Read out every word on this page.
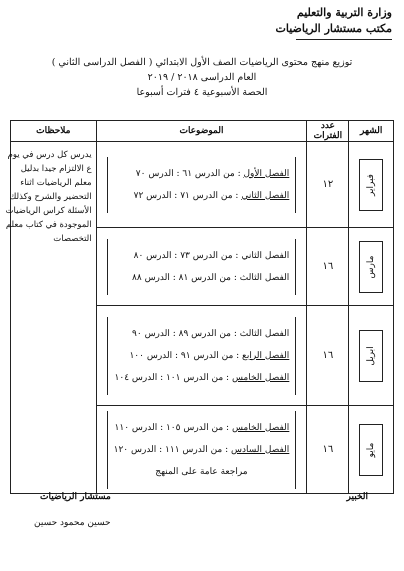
وزارة التربية والتعليم
مكتب مستشار الرياضيات
توزيع منهج محتوى الرياضيات الصف الأول الابتدائي ( الفصل الدراسى الثاني )
العام الدراسى ٢٠١٨ / ٢٠١٩
الحصة الأسبوعية ٤ فترات أسبوعا
الشهر	عدد الفترات	الموضوعات	ملاحظات

فبراير	١٢	الفصل الأول : من الدرس ٦١ : الدرس ٧٠
الفصل الثاني : من الدرس ٧١ : الدرس ٧٢	يدرس كل درس في يوم ع الالتزام جيدا بدليل معلم الرياضيات اثناء التحضير والشرح وكذلك الأسئلة كراس الرياضيات الموجودة في كتاب معلم التخصصات

مارس	١٦	الفصل الثاني : من الدرس ٧٣ : الدرس ٨٠
الفصل الثالث : من الدرس ٨١ : الدرس ٨٨	

ابريل	١٦	الفصل الثالث : من الدرس ٨٩ : الدرس ٩٠
الفصل الرابع : من الدرس ٩١ : الدرس ١٠٠
الفصل الخامس : من الدرس ١٠١ : الدرس ١٠٤	

مايو	١٦	الفصل الخامس : من الدرس ١٠٥ : الدرس ١١٠
الفصل السادس : من الدرس ١١١ : الدرس ١٢٠
مراجعة عامة على المنهج	
الخبير
مستشار الرياضيات
حسين محمود حسين
